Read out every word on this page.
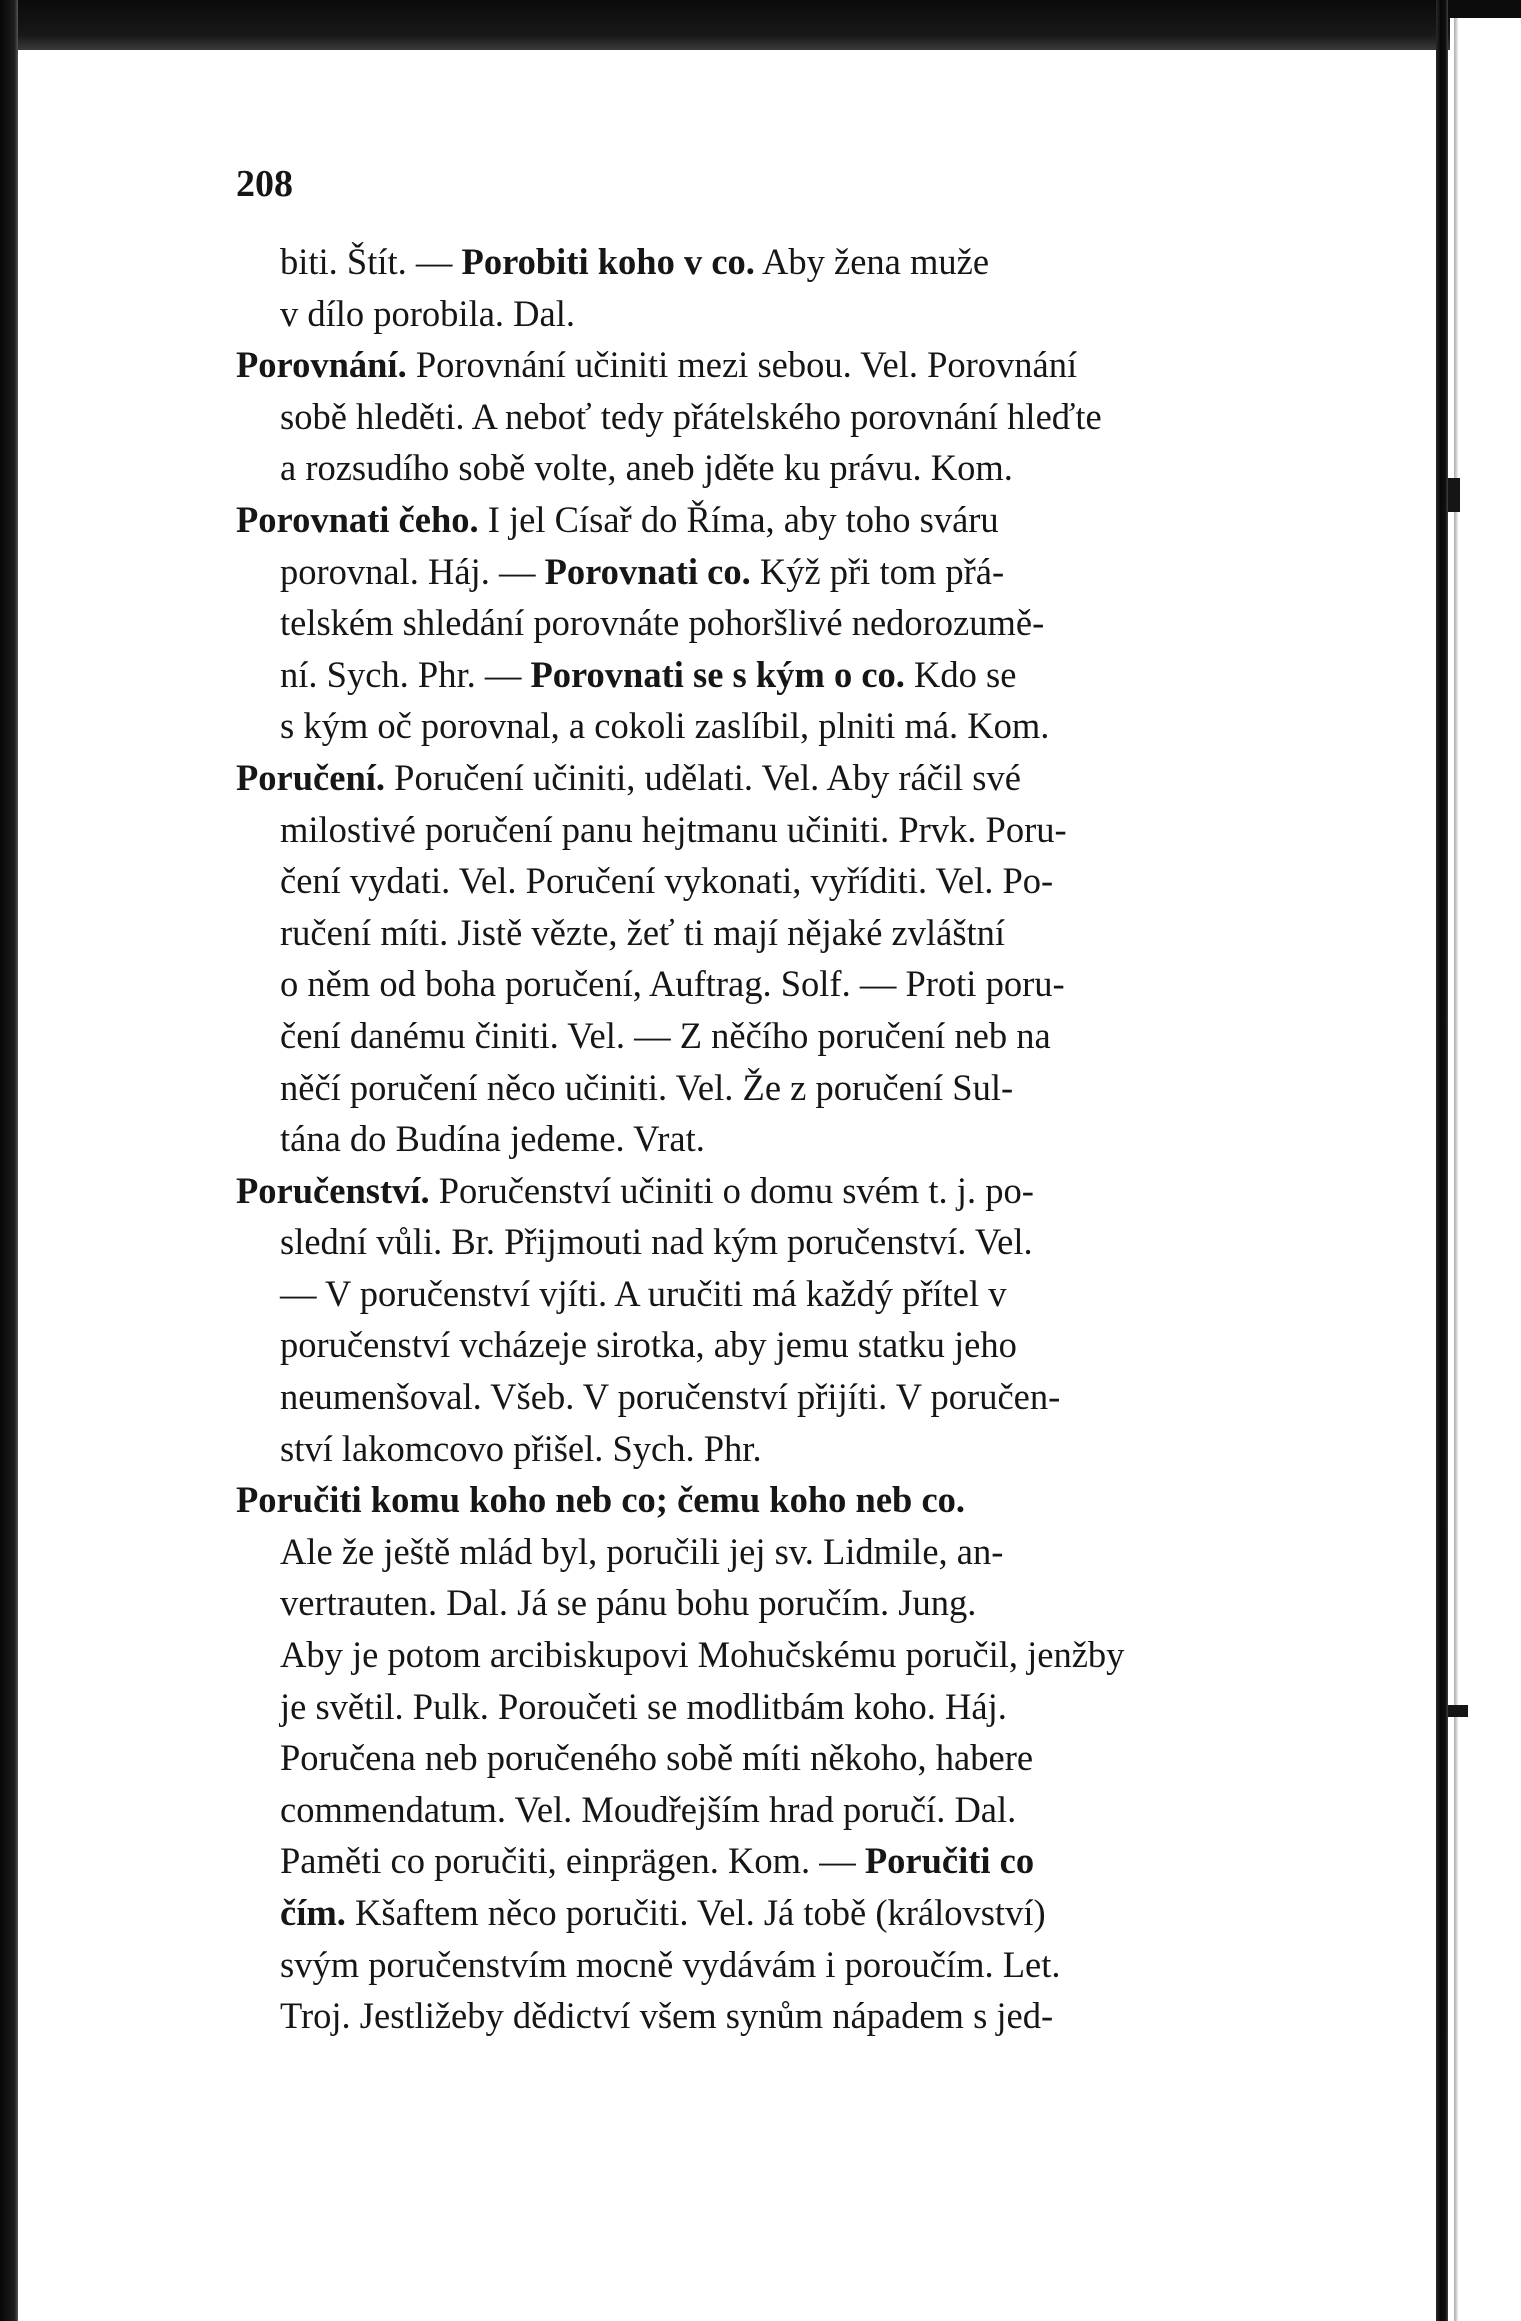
208
biti. Štít. — Porobiti koho v co. Aby žena muže
v dílo porobila. Dal.
Porovnání. Porovnání učiniti mezi sebou. Vel. Porovnání
sobě hleděti. A neboť tedy přátelského porovnání hleďte
a rozsudího sobě volte, aneb jděte ku právu. Kom.
Porovnati čeho. I jel Císař do Říma, aby toho sváru
porovnal. Háj. — Porovnati co. Kýž při tom přá-
telském shledání porovnáte pohoršlivé nedorozumě-
ní. Sych. Phr. — Porovnati se s kým o co. Kdo se
s kým oč porovnal, a cokoli zaslíbil, plniti má. Kom.
Poručení. Poručení učiniti, udělati. Vel. Aby ráčil své
milostivé poručení panu hejtmanu učiniti. Prvk. Poru-
čení vydati. Vel. Poručení vykonati, vyříditi. Vel. Po-
ručení míti. Jistě vězte, žeť ti mají nějaké zvláštní
o něm od boha poručení, Auftrag. Solf. — Proti poru-
čení danému činiti. Vel. — Z něčího poručení neb na
něčí poručení něco učiniti. Vel. Že z poručení Sul-
tána do Budína jedeme. Vrat.
Poručenství. Poručenství učiniti o domu svém t. j. po-
slední vůli. Br. Přijmouti nad kým poručenství. Vel.
— V poručenství vjíti. A uručiti má každý přítel v
poručenství vcházeje sirotka, aby jemu statku jeho
neumenšoval. Všeb. V poručenství přijíti. V poručen-
ství lakomcovo přišel. Sych. Phr.
Poručiti komu koho neb co; čemu koho neb co.
Ale že ještě mlád byl, poručili jej sv. Lidmile, an-
vertrauten. Dal. Já se pánu bohu poručím. Jung.
Aby je potom arcibiskupovi Mohučskému poručil, jenžby
je světil. Pulk. Poroučeti se modlitbám koho. Háj.
Poručena neb poručeného sobě míti někoho, habere
commendatum. Vel. Moudřejším hrad poručí. Dal.
Paměti co poručiti, einprägen. Kom. — Poručiti co
čím. Kšaftem něco poručiti. Vel. Já tobě (království)
svým poručenstvím mocně vydávám i poroučím. Let.
Troj. Jestližeby dědictví všem synům nápadem s jed-
